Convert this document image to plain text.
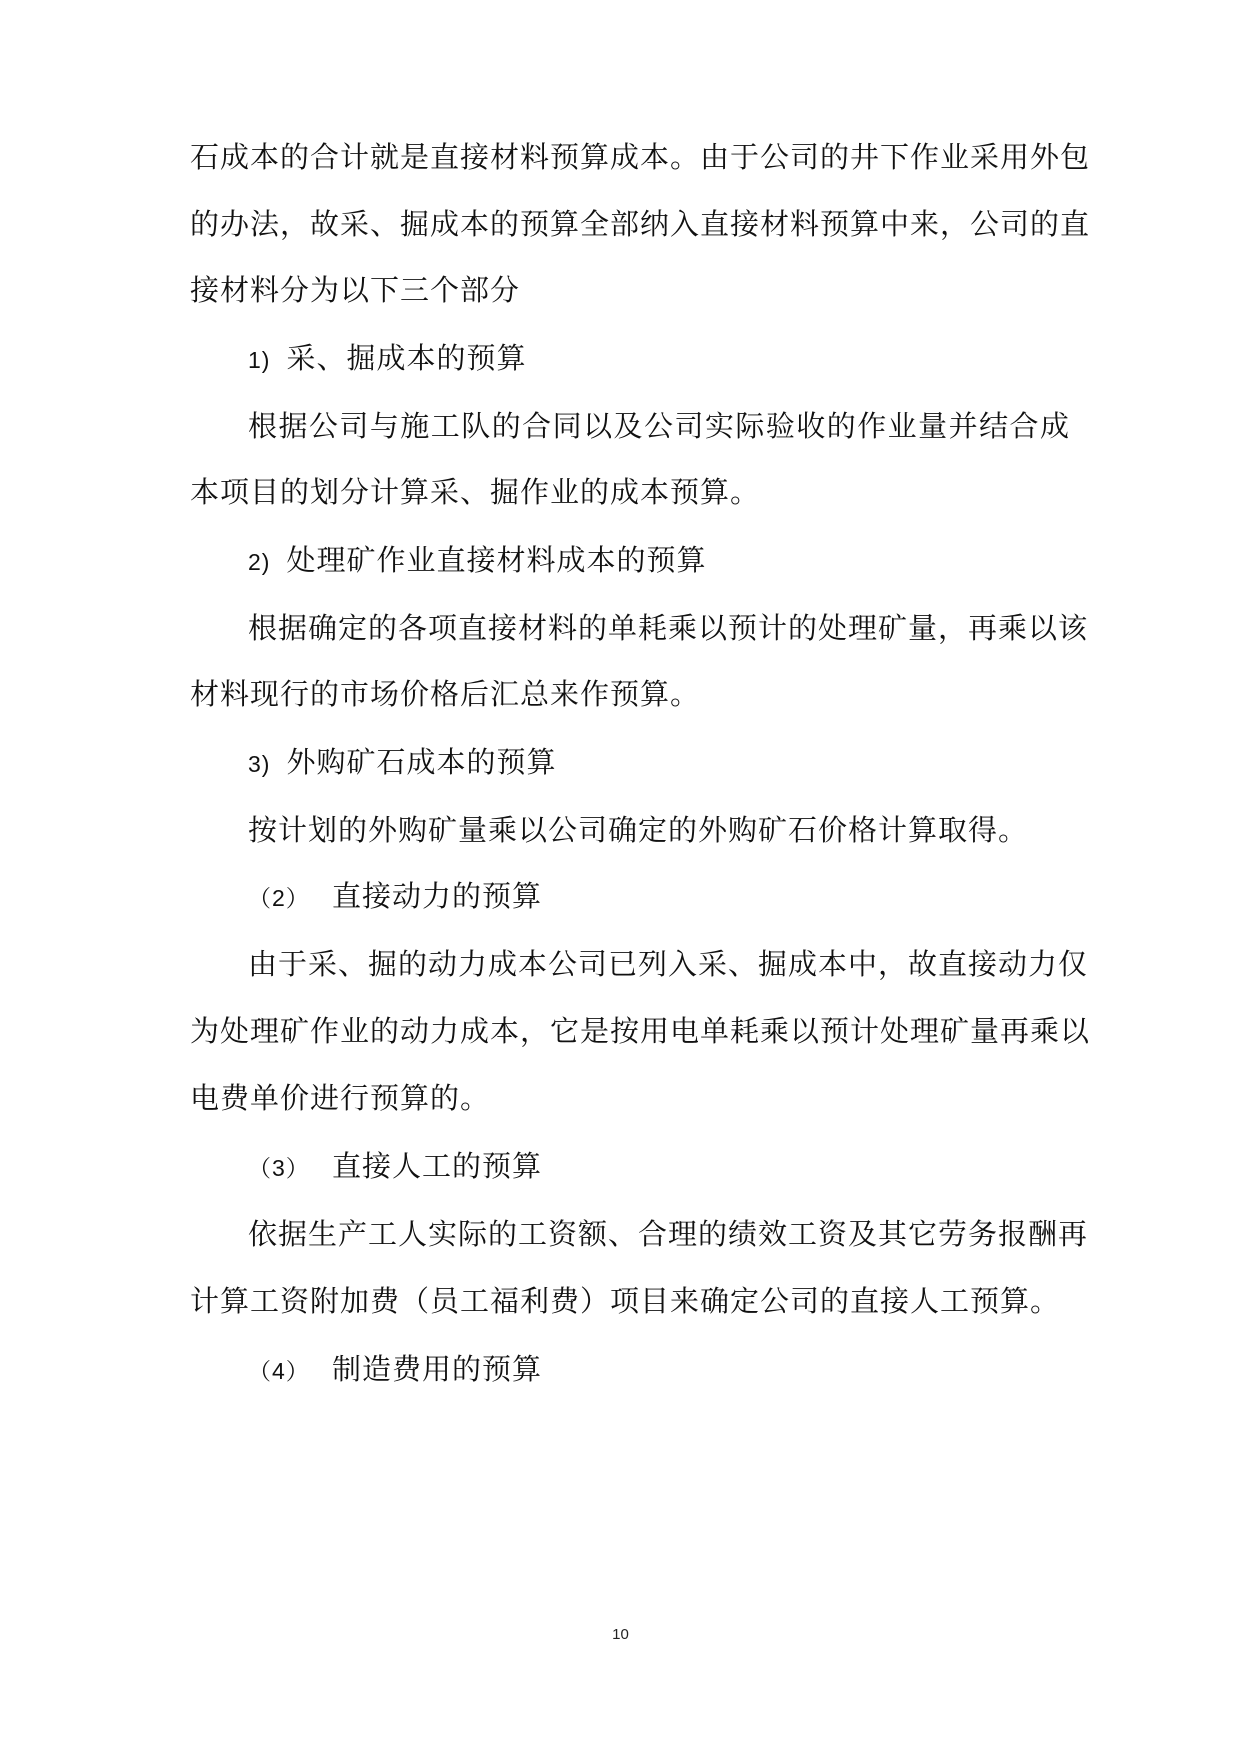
石成本的合计就是直接材料预算成本。由于公司的井下作业采用外包
的办法，故采、掘成本的预算全部纳入直接材料预算中来，公司的直
接材料分为以下三个部分
1) 采、掘成本的预算
根据公司与施工队的合同以及公司实际验收的作业量并结合成
本项目的划分计算采、掘作业的成本预算。
2) 处理矿作业直接材料成本的预算
根据确定的各项直接材料的单耗乘以预计的处理矿量，再乘以该
材料现行的市场价格后汇总来作预算。
3) 外购矿石成本的预算
按计划的外购矿量乘以公司确定的外购矿石价格计算取得。
（2） 直接动力的预算
由于采、掘的动力成本公司已列入采、掘成本中，故直接动力仅
为处理矿作业的动力成本，它是按用电单耗乘以预计处理矿量再乘以
电费单价进行预算的。
（3） 直接人工的预算
依据生产工人实际的工资额、合理的绩效工资及其它劳务报酬再
计算工资附加费（员工福利费）项目来确定公司的直接人工预算。
（4） 制造费用的预算
10
